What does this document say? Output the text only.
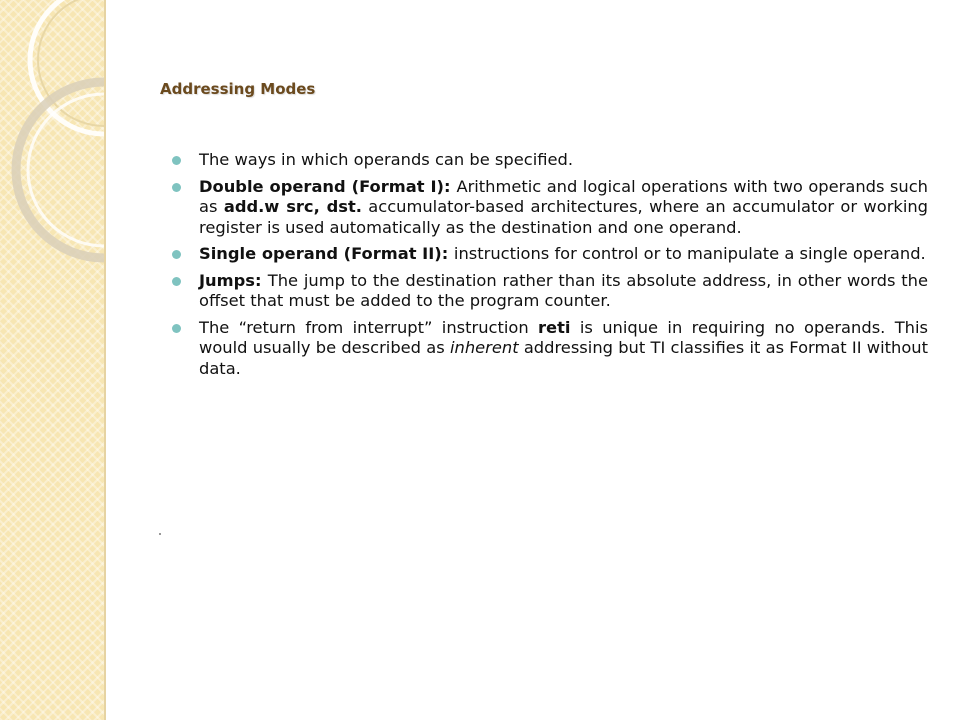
Addressing Modes
The ways in which operands can be specified.
Double operand (Format I): Arithmetic and logical operations with two operands such as add.w src, dst. accumulator-based architectures, where an accumulator or working register is used automatically as the destination and one operand.
Single operand (Format II): instructions for control or to manipulate a single operand.
Jumps: The jump to the destination rather than its absolute address, in other words the offset that must be added to the program counter.
The “return from interrupt” instruction reti is unique in requiring no operands. This would usually be described as inherent addressing but TI classifies it as Format II without data.
